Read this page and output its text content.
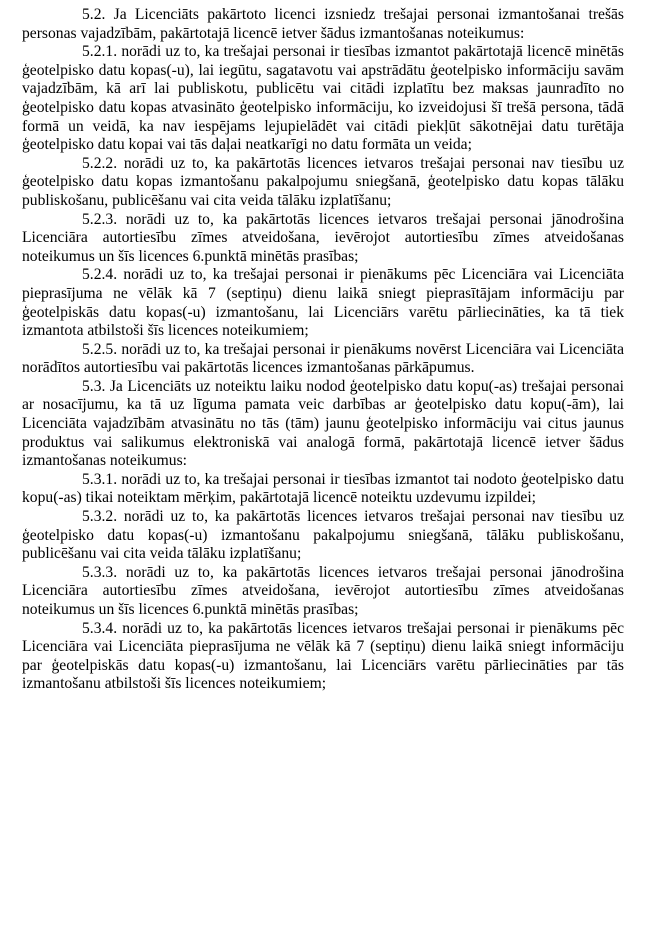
5.2. Ja Licenciāts pakārtoto licenci izsniedz trešajai personai izmantošanai trešās personas vajadzībām, pakārtotajā licencē ietver šādus izmantošanas noteikumus:

5.2.1. norādi uz to, ka trešajai personai ir tiesības izmantot pakārtotajā licencē minētās ģeotelpisko datu kopas(-u), lai iegūtu, sagatavotu vai apstrādātu ģeotelpisko informāciju savām vajadzībām, kā arī lai publiskotu, publicētu vai citādi izplatītu bez maksas jaunradīto no ģeotelpisko datu kopas atvasināto ģeotelpisko informāciju, ko izveidojusi šī trešā persona, tādā formā un veidā, ka nav iespējams lejupielādēt vai citādi piekļūt sākotnējai datu turētāja ģeotelpisko datu kopai vai tās daļai neatkarīgi no datu formāta un veida;

5.2.2. norādi uz to, ka pakārtotās licences ietvaros trešajai personai nav tiesību uz ģeotelpisko datu kopas izmantošanu pakalpojumu sniegšanā, ģeotelpisko datu kopas tālāku publiskošanu, publicēšanu vai cita veida tālāku izplatīšanu;

5.2.3. norādi uz to, ka pakārtotās licences ietvaros trešajai personai jānodrošina Licenciāra autortiesību zīmes atveidošana, ievērojot autortiesību zīmes atveidošanas noteikumus un šīs licences 6.punktā minētās prasības;

5.2.4. norādi uz to, ka trešajai personai ir pienākums pēc Licenciāra vai Licenciāta pieprasījuma ne vēlāk kā 7 (septiņu) dienu laikā sniegt pieprasītājam informāciju par ģeotelpiskās datu kopas(-u) izmantošanu, lai Licenciārs varētu pārliecināties, ka tā tiek izmantota atbilstoši šīs licences noteikumiem;

5.2.5. norādi uz to, ka trešajai personai ir pienākums novērst Licenciāra vai Licenciāta norādītos autortiesību vai pakārtotās licences izmantošanas pārkāpumus.

5.3. Ja Licenciāts uz noteiktu laiku nodod ģeotelpisko datu kopu(-as) trešajai personai ar nosacījumu, ka tā uz līguma pamata veic darbības ar ģeotelpisko datu kopu(-ām), lai Licenciāta vajadzībām atvasinātu no tās (tām) jaunu ģeotelpisko informāciju vai citus jaunus produktus vai salikumus elektroniskā vai analogā formā, pakārtotajā licencē ietver šādus izmantošanas noteikumus:

5.3.1. norādi uz to, ka trešajai personai ir tiesības izmantot tai nodoto ģeotelpisko datu kopu(-as) tikai noteiktam mērķim, pakārtotajā licencē noteiktu uzdevumu izpildei;

5.3.2. norādi uz to, ka pakārtotās licences ietvaros trešajai personai nav tiesību uz ģeotelpisko datu kopas(-u) izmantošanu pakalpojumu sniegšanā, tālāku publiskošanu, publicēšanu vai cita veida tālāku izplatīšanu;

5.3.3. norādi uz to, ka pakārtotās licences ietvaros trešajai personai jānodrošina Licenciāra autortiesību zīmes atveidošana, ievērojot autortiesību zīmes atveidošanas noteikumus un šīs licences 6.punktā minētās prasības;

5.3.4. norādi uz to, ka pakārtotās licences ietvaros trešajai personai ir pienākums pēc Licenciāra vai Licenciāta pieprasījuma ne vēlāk kā 7 (septiņu) dienu laikā sniegt informāciju par ģeotelpiskās datu kopas(-u) izmantošanu, lai Licenciārs varētu pārliecināties par tās izmantošanu atbilstoši šīs licences noteikumiem;
